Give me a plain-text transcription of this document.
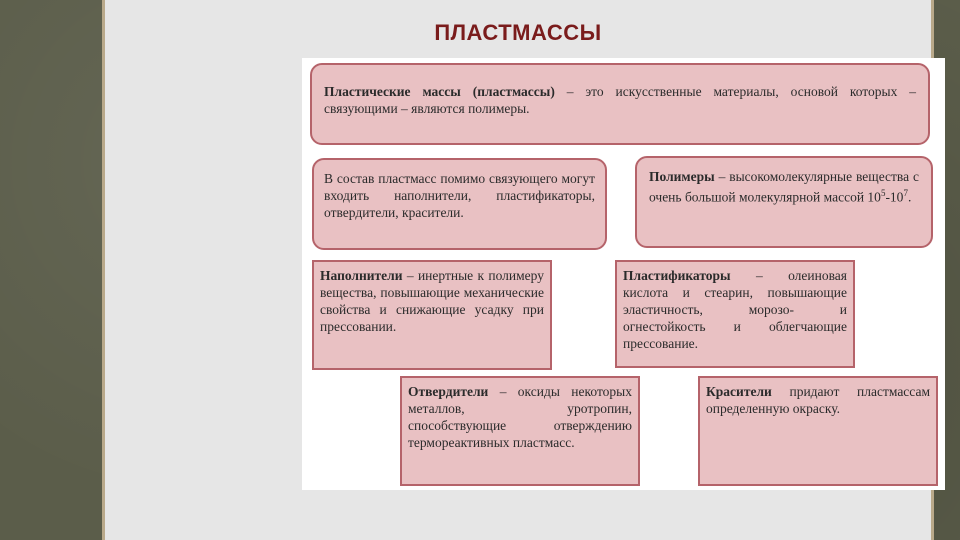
ПЛАСТМАССЫ
Пластические массы (пластмассы) – это искусственные материалы, основой которых – связующими – являются полимеры.
В состав пластмасс помимо связующего могут входить наполнители, пластификаторы, отвердители, красители.
Полимеры – высокомолекулярные вещества с очень большой молекулярной массой $10^5-10^7$.
Наполнители – инертные к полимеру вещества, повышающие механические свойства и снижающие усадку при прессовании.
Пластификаторы – олеиновая кислота и стеарин, повышающие эластичность, морозо- и огнестойкость и облегчающие прессование.
Отвердители – оксиды некоторых металлов, уротропин, способствующие отверждению термореактивных пластмасс.
Красители придают пластмассам определенную окраску.
